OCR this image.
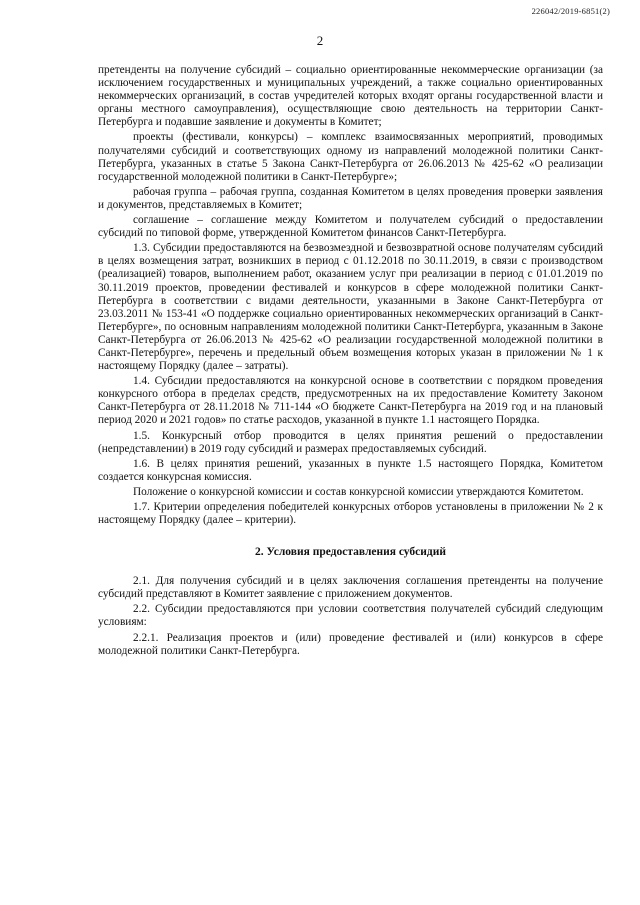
226042/2019-6851(2)
2

претенденты на получение субсидий – социально ориентированные некоммерческие организации (за исключением государственных и муниципальных учреждений, а также социально ориентированных некоммерческих организаций, в состав учредителей которых входят органы государственной власти и органы местного самоуправления), осуществляющие свою деятельность на территории Санкт-Петербурга и подавшие заявление и документы в Комитет;

проекты (фестивали, конкурсы) – комплекс взаимосвязанных мероприятий, проводимых получателями субсидий и соответствующих одному из направлений молодежной политики Санкт-Петербурга, указанных в статье 5 Закона Санкт-Петербурга от 26.06.2013 № 425-62 «О реализации государственной молодежной политики в Санкт-Петербурге»;

рабочая группа – рабочая группа, созданная Комитетом в целях проведения проверки заявления и документов, представляемых в Комитет;

соглашение – соглашение между Комитетом и получателем субсидий о предоставлении субсидий по типовой форме, утвержденной Комитетом финансов Санкт-Петербурга.

1.3. Субсидии предоставляются на безвозмездной и безвозвратной основе получателям субсидий в целях возмещения затрат, возникших в период с 01.12.2018 по 30.11.2019, в связи с производством (реализацией) товаров, выполнением работ, оказанием услуг при реализации в период с 01.01.2019 по 30.11.2019 проектов, проведении фестивалей и конкурсов в сфере молодежной политики Санкт-Петербурга в соответствии с видами деятельности, указанными в Законе Санкт-Петербурга от 23.03.2011 № 153-41 «О поддержке социально ориентированных некоммерческих организаций в Санкт-Петербурге», по основным направлениям молодежной политики Санкт-Петербурга, указанным в Законе Санкт-Петербурга от 26.06.2013 № 425-62 «О реализации государственной молодежной политики в Санкт-Петербурге», перечень и предельный объем возмещения которых указан в приложении № 1 к настоящему Порядку (далее – затраты).

1.4. Субсидии предоставляются на конкурсной основе в соответствии с порядком проведения конкурсного отбора в пределах средств, предусмотренных на их предоставление Комитету Законом Санкт-Петербурга от 28.11.2018 № 711-144 «О бюджете Санкт-Петербурга на 2019 год и на плановый период 2020 и 2021 годов» по статье расходов, указанной в пункте 1.1 настоящего Порядка.

1.5. Конкурсный отбор проводится в целях принятия решений о предоставлении (непредставлении) в 2019 году субсидий и размерах предоставляемых субсидий.

1.6. В целях принятия решений, указанных в пункте 1.5 настоящего Порядка, Комитетом создается конкурсная комиссия.

Положение о конкурсной комиссии и состав конкурсной комиссии утверждаются Комитетом.

1.7. Критерии определения победителей конкурсных отборов установлены в приложении № 2 к настоящему Порядку (далее – критерии).

2. Условия предоставления субсидий

2.1. Для получения субсидий и в целях заключения соглашения претенденты на получение субсидий представляют в Комитет заявление с приложением документов.

2.2. Субсидии предоставляются при условии соответствия получателей субсидий следующим условиям:

2.2.1. Реализация проектов и (или) проведение фестивалей и (или) конкурсов в сфере молодежной политики Санкт-Петербурга.
